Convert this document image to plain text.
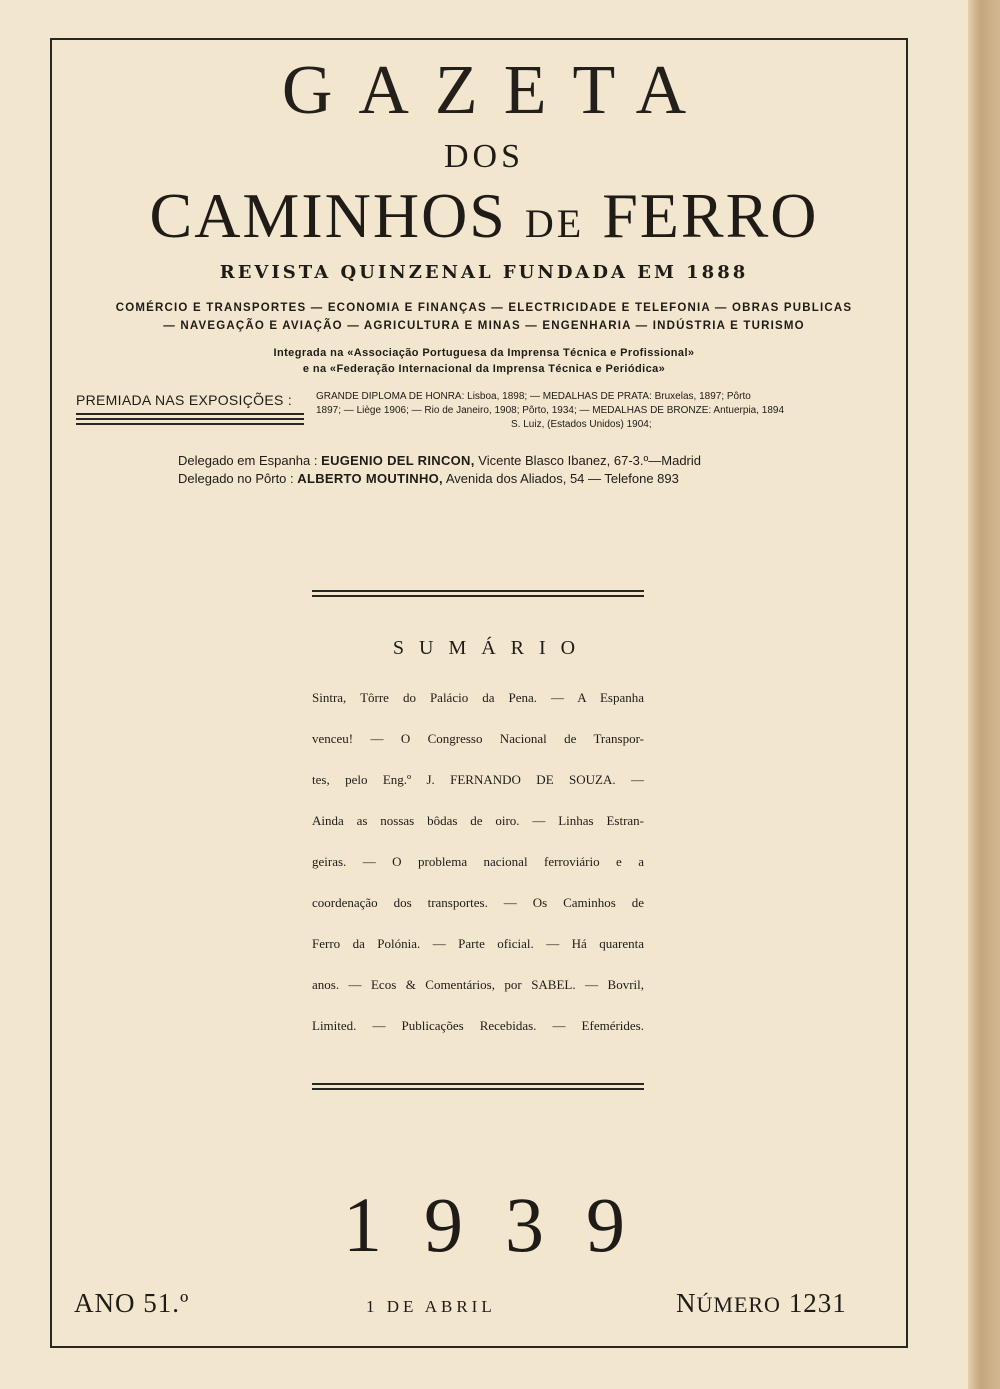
GAZETA
DOS
CAMINHOS DE FERRO
REVISTA QUINZENAL FUNDADA EM 1888
COMÉRCIO E TRANSPORTES — ECONOMIA E FINANÇAS — ELECTRICIDADE E TELEFONIA — OBRAS PUBLICAS
— NAVEGAÇÃO E AVIAÇÃO — AGRICULTURA E MINAS — ENGENHARIA — INDÚSTRIA E TURISMO
Integrada na «Associação Portuguesa da Imprensa Técnica e Profissional»
e na «Federação Internacional da Imprensa Técnica e Periódica»
PREMIADA NAS EXPOSIÇÕES : GRANDE DIPLOMA DE HONRA: Lisboa, 1898; — MEDALHAS DE PRATA: Bruxelas, 1897; Pôrto
1897; — Liège 1906; — Rio de Janeiro, 1908; Pôrto, 1934; — MEDALHAS DE BRONZE: Antuerpia, 1894
S. Luiz, (Estados Unidos) 1904;
Delegado em Espanha : EUGENIO DEL RINCON, Vicente Blasco Ibanez, 67-3.º—Madrid
Delegado no Pôrto : ALBERTO MOUTINHO, Avenida dos Aliados, 54 — Telefone 893
SUMÁRIO
Sintra, Tôrre do Palácio da Pena. — A Espanha
venceu! — O Congresso Nacional de Transpor-
tes, pelo Eng.º J. FERNANDO DE SOUZA. —
Ainda as nossas bôdas de oiro. — Linhas Estran-
geiras. — O problema nacional ferroviário e a
coordenação dos transportes. — Os Caminhos de
Ferro da Polónia. — Parte oficial. — Há quarenta
anos. — Ecos & Comentários, por SABEL. — Bovril,
Limited. — Publicações Recebidas. — Efemérides.
1939
ANO 51.º	1 DE ABRIL	NÚMERO 1231
